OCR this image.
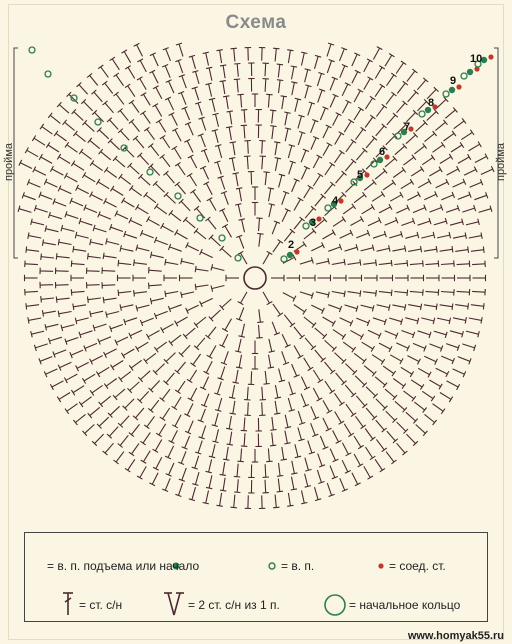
Схема
2
3
4
5
6
7
8
9
10
пройма	пройма
= в. п. подъема или начало	= в. п.	= соед. ст.
= ст. с/н	= 2 ст. с/н из 1 п.	= начальное кольцо
www.homyak55.ru
